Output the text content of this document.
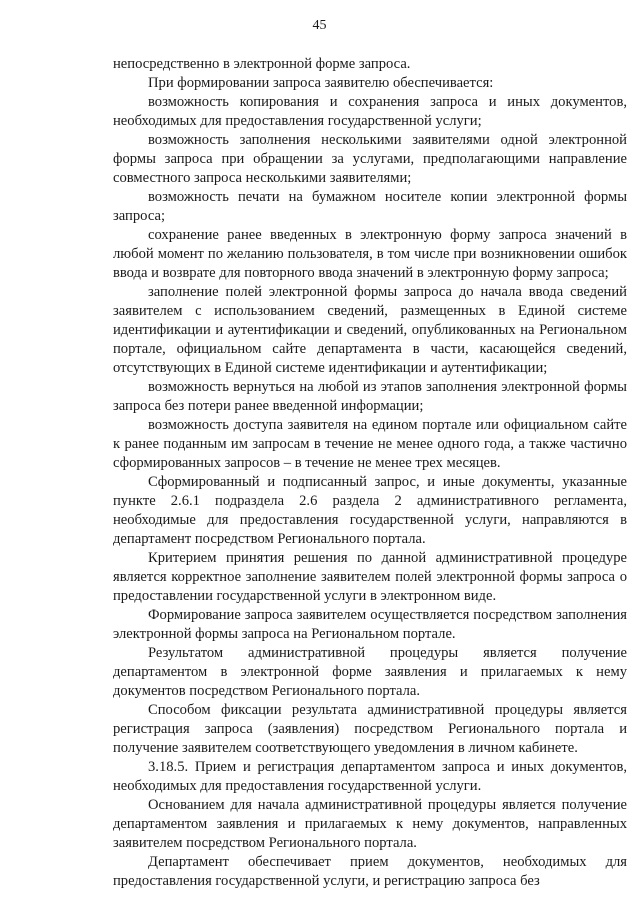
45

непосредственно в электронной форме запроса.

При формировании запроса заявителю обеспечивается:

возможность копирования и сохранения запроса и иных документов, необходимых для предоставления государственной услуги;

возможность заполнения несколькими заявителями одной электронной формы запроса при обращении за услугами, предполагающими направление совместного запроса несколькими заявителями;

возможность печати на бумажном носителе копии электронной формы запроса;

сохранение ранее введенных в электронную форму запроса значений в любой момент по желанию пользователя, в том числе при возникновении ошибок ввода и возврате для повторного ввода значений в электронную форму запроса;

заполнение полей электронной формы запроса до начала ввода сведений заявителем с использованием сведений, размещенных в Единой системе идентификации и аутентификации и сведений, опубликованных на Региональном портале, официальном сайте департамента в части, касающейся сведений, отсутствующих в Единой системе идентификации и аутентификации;

возможность вернуться на любой из этапов заполнения электронной формы запроса без потери ранее введенной информации;

возможность доступа заявителя на едином портале или официальном сайте к ранее поданным им запросам в течение не менее одного года, а также частично сформированных запросов – в течение не менее трех месяцев.

Сформированный и подписанный запрос, и иные документы, указанные пункте 2.6.1 подраздела 2.6 раздела 2 административного регламента, необходимые для предоставления государственной услуги, направляются в департамент посредством Регионального портала.

Критерием принятия решения по данной административной процедуре является корректное заполнение заявителем полей электронной формы запроса о предоставлении государственной услуги в электронном виде.

Формирование запроса заявителем осуществляется посредством заполнения электронной формы запроса на Региональном портале.

Результатом административной процедуры является получение департаментом в электронной форме заявления и прилагаемых к нему документов посредством Регионального портала.

Способом фиксации результата административной процедуры является регистрация запроса (заявления) посредством Регионального портала и получение заявителем соответствующего уведомления в личном кабинете.

3.18.5. Прием и регистрация департаментом запроса и иных документов, необходимых для предоставления государственной услуги.

Основанием для начала административной процедуры является получение департаментом заявления и прилагаемых к нему документов, направленных заявителем посредством Регионального портала.

Департамент обеспечивает прием документов, необходимых для предоставления государственной услуги, и регистрацию запроса без
